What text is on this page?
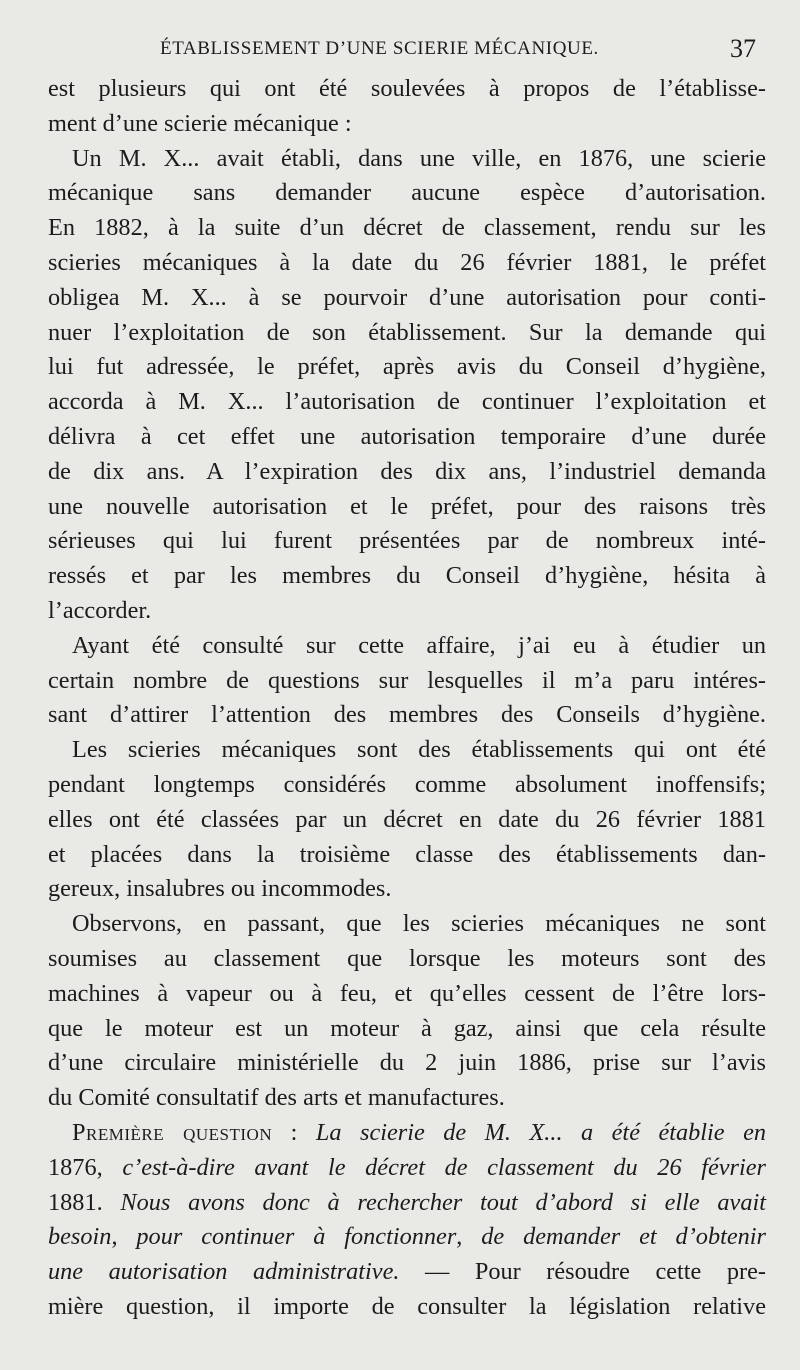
ÉTABLISSEMENT D’UNE SCIERIE MÉCANIQUE.	37
est plusieurs qui ont été soulevées à propos de l’établisse-
ment d’une scierie mécanique :
Un M. X... avait établi, dans une ville, en 1876, une scierie
mécanique sans demander aucune espèce d’autorisation.
En 1882, à la suite d’un décret de classement, rendu sur les
scieries mécaniques à la date du 26 février 1881, le préfet
obligea M. X... à se pourvoir d’une autorisation pour conti-
nuer l’exploitation de son établissement. Sur la demande qui
lui fut adressée, le préfet, après avis du Conseil d’hygiène,
accorda à M. X... l’autorisation de continuer l’exploitation et
délivra à cet effet une autorisation temporaire d’une durée
de dix ans. A l’expiration des dix ans, l’industriel demanda
une nouvelle autorisation et le préfet, pour des raisons très
sérieuses qui lui furent présentées par de nombreux inté-
ressés et par les membres du Conseil d’hygiène, hésita à
l’accorder.
Ayant été consulté sur cette affaire, j’ai eu à étudier un
certain nombre de questions sur lesquelles il m’a paru intéres-
sant d’attirer l’attention des membres des Conseils d’hygiène.
Les scieries mécaniques sont des établissements qui ont été
pendant longtemps considérés comme absolument inoffensifs;
elles ont été classées par un décret en date du 26 février 1881
et placées dans la troisième classe des établissements dan-
gereux, insalubres ou incommodes.
Observons, en passant, que les scieries mécaniques ne sont
soumises au classement que lorsque les moteurs sont des
machines à vapeur ou à feu, et qu’elles cessent de l’être lors-
que le moteur est un moteur à gaz, ainsi que cela résulte
d’une circulaire ministérielle du 2 juin 1886, prise sur l’avis
du Comité consultatif des arts et manufactures.
Première question : La scierie de M. X... a été établie en
1876, c’est-à-dire avant le décret de classement du 26 février
1881. Nous avons donc à rechercher tout d’abord si elle avait
besoin, pour continuer à fonctionner, de demander et d’obtenir
une autorisation administrative. — Pour résoudre cette pre-
mière question, il importe de consulter la législation relative
